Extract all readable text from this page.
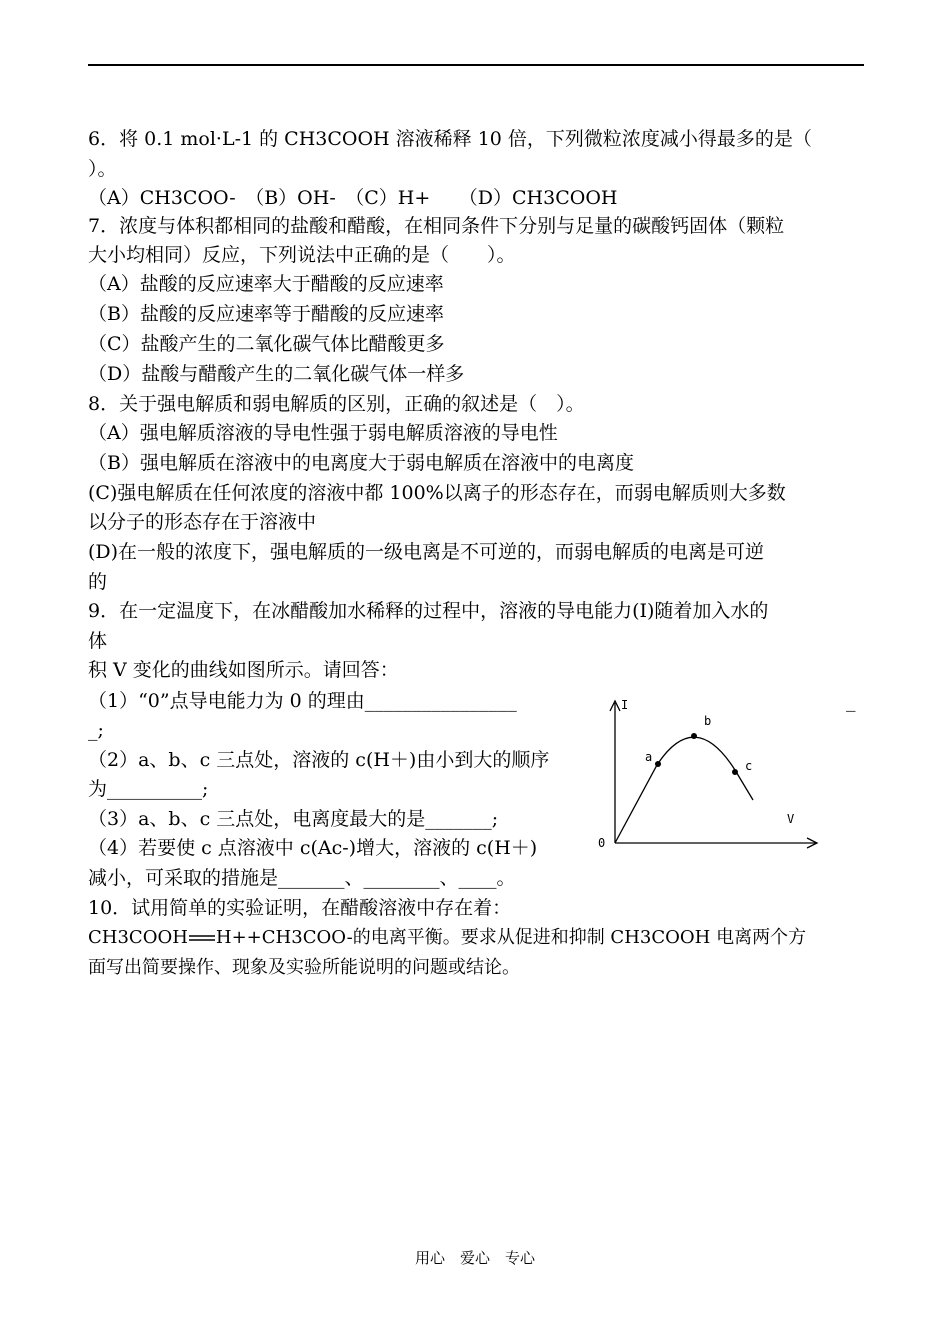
6．将 0.1 mol·L-1 的 CH3COOH 溶液稀释 10 倍，下列微粒浓度减小得最多的是（
）。
（A）CH3COO-　（B）OH-　（C）H+　　（D）CH3COOH
7．浓度与体积都相同的盐酸和醋酸，在相同条件下分别与足量的碳酸钙固体（颗粒
大小均相同）反应，下列说法中正确的是（　　）。
（A）盐酸的反应速率大于醋酸的反应速率
（B）盐酸的反应速率等于醋酸的反应速率
（C）盐酸产生的二氧化碳气体比醋酸更多
（D）盐酸与醋酸产生的二氧化碳气体一样多
8．关于强电解质和弱电解质的区别，正确的叙述是（　）。
（A）强电解质溶液的导电性强于弱电解质溶液的导电性
（B）强电解质在溶液中的电离度大于弱电解质在溶液中的电离度
(C)强电解质在任何浓度的溶液中都 100%以离子的形态存在，而弱电解质则大多数
以分子的形态存在于溶液中
(D)在一般的浓度下，强电解质的一级电离是不可逆的，而弱电解质的电离是可逆
的
9．在一定温度下，在冰醋酸加水稀释的过程中，溶液的导电能力(I)随着加入水的
体
积 V 变化的曲线如图所示。请回答：
（1）“0”点导电能力为 0 的理由________________	_
_;
（2）a、b、c 三点处，溶液的 c(H＋)由小到大的顺序
为__________;
（3）a、b、c 三点处，电离度最大的是_______;
（4）若要使 c 点溶液中 c(Ac-)增大，溶液的 c(H＋)
减小，可采取的措施是_______、________、____。
I
V
0
a
b
c
10．试用简单的实验证明，在醋酸溶液中存在着：
CH3COOH H++CH3COO-的电离平衡。要求从促进和抑制 CH3COOH 电离两个方
面写出简要操作、现象及实验所能说明的问题或结论。
用心　爱心　专心
